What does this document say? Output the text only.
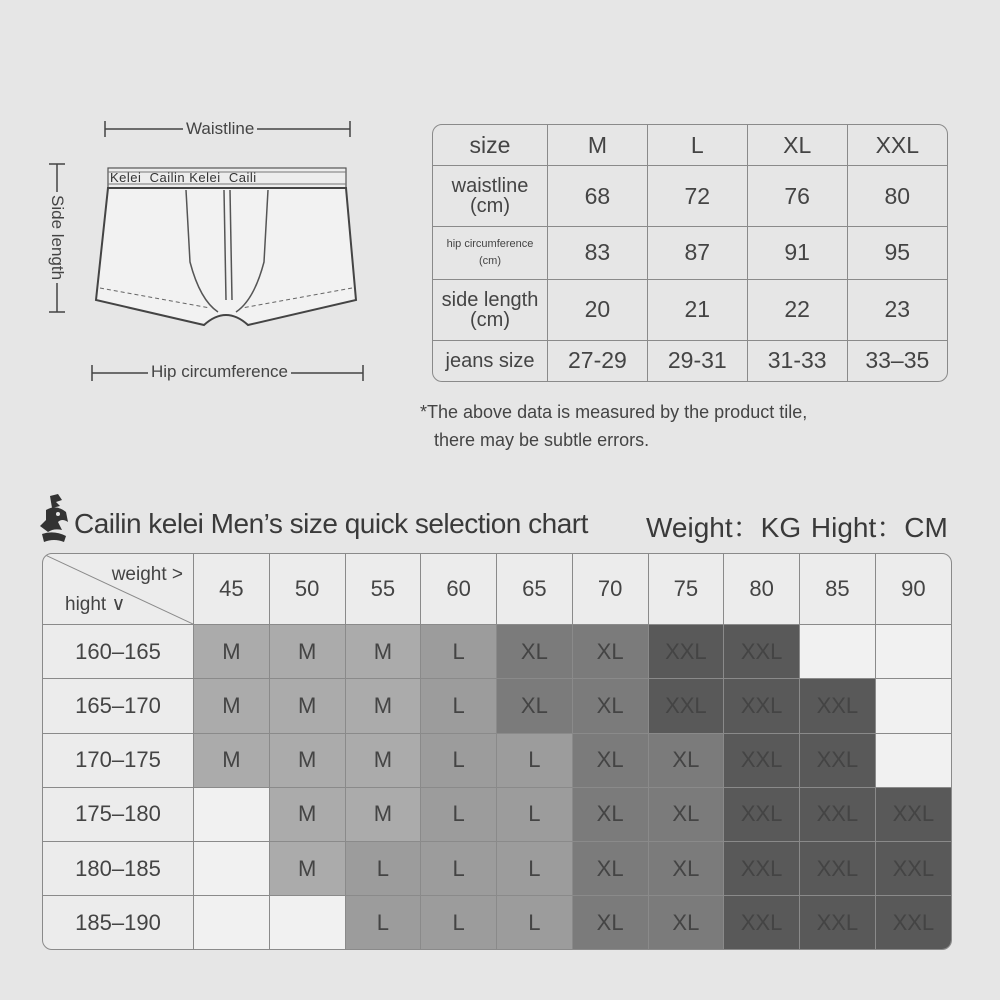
Waistline
Side length
Hip circumference
Kelei  Cailin Kelei  Caili
size	M	L	XL	XXL
waistline
(cm)	68	72	76	80
hip circumference
(cm)	83	87	91	95
side length
(cm)	20	21	22	23
jeans size	27-29	29-31	31-33	33–35
*The above data is measured by the product tile,
there may be subtle errors.
Cailin kelei Men’s size quick selection chart Weight：KG Hight：CM
weight >
hight ∨	45	50	55	60	65	70	75	80	85	90
160–165	M	M	M	L	XL	XL	XXL	XXL		
165–170	M	M	M	L	XL	XL	XXL	XXL	XXL	
170–175	M	M	M	L	L	XL	XL	XXL	XXL	
175–180		M	M	L	L	XL	XL	XXL	XXL	XXL
180–185		M	L	L	L	XL	XL	XXL	XXL	XXL
185–190			L	L	L	XL	XL	XXL	XXL	XXL
